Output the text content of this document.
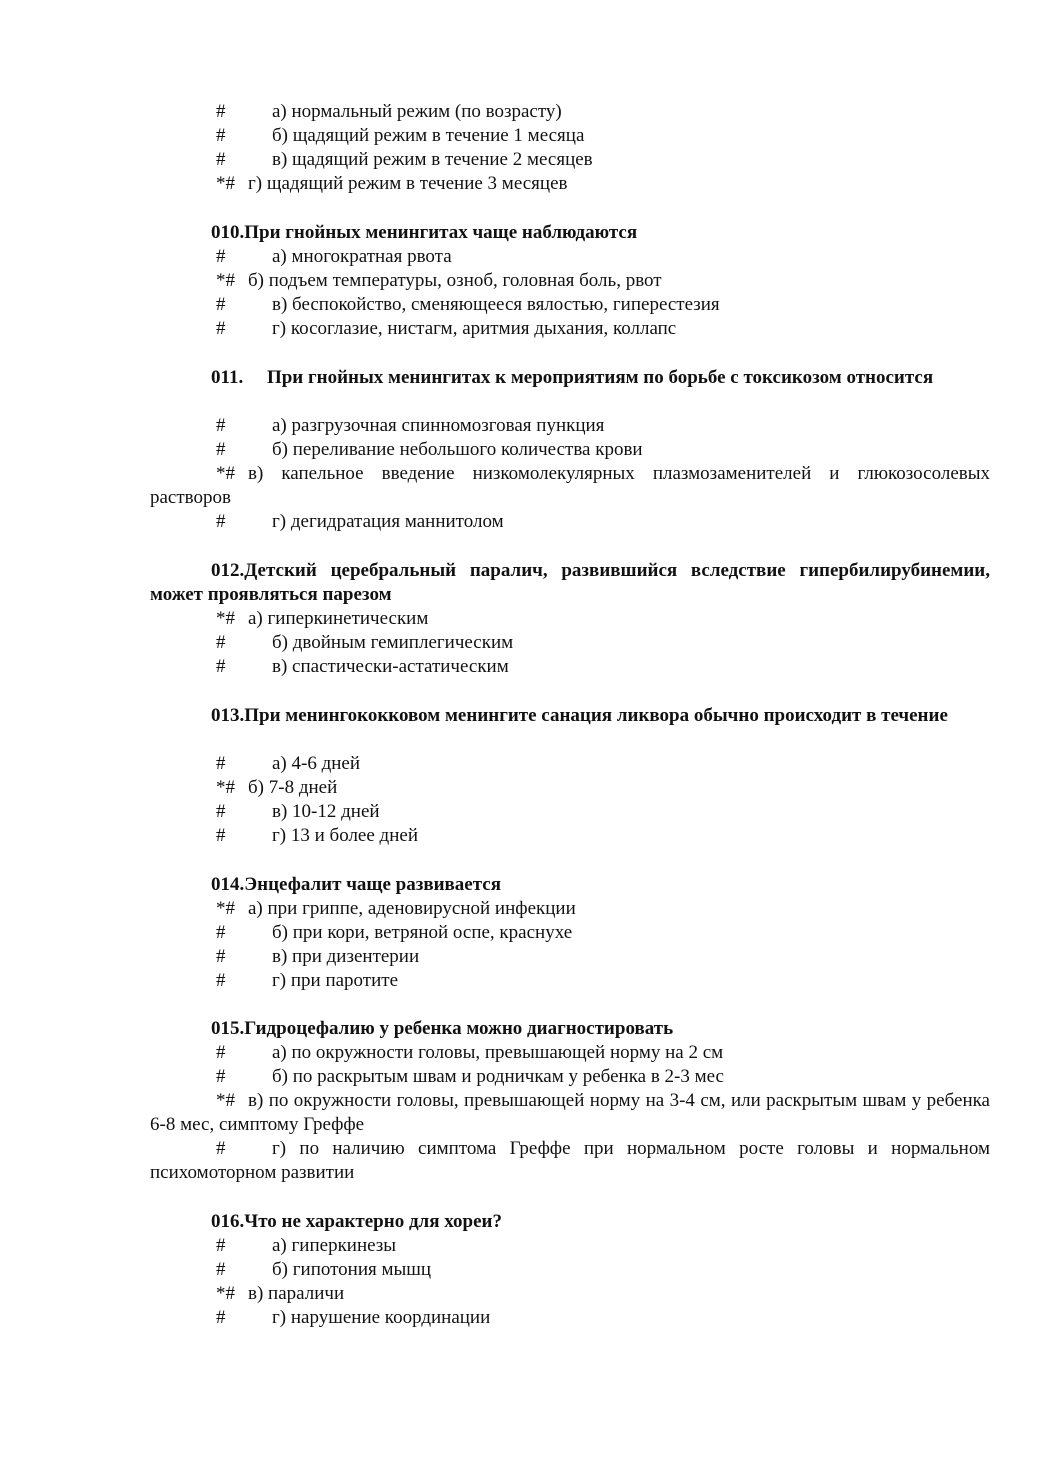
#	а) нормальный режим (по возрасту)
#	б) щадящий режим в течение 1 месяца
#	в) щадящий режим в течение 2 месяцев
*# г) щадящий режим в течение 3 месяцев
010.При гнойных менингитах чаще наблюдаются
#	а) многократная рвота
*# б) подъем температуры, озноб, головная боль, рвот
#	в) беспокойство, сменяющееся вялостью, гиперестезия
#	г) косоглазие, нистагм, аритмия дыхания, коллапс
011. При гнойных менингитах к мероприятиям по борьбе с токсикозом относится
#	а) разгрузочная спинномозговая пункция
#	б) переливание небольшого количества крови
*# в) капельное введение низкомолекулярных плазмозаменителей и глюкозосолевых растворов
#	г) дегидратация маннитолом
012.Детский церебральный паралич, развившийся вследствие гипербилирубинемии, может проявляться парезом
*# а) гиперкинетическим
#	б) двойным гемиплегическим
#	в) спастически-астатическим
013.При менингококковом менингите санация ликвора обычно происходит в течение
#	а) 4-6 дней
*# б) 7-8 дней
#	в) 10-12 дней
#	г) 13 и более дней
014.Энцефалит чаще развивается
*# а) при гриппе, аденовирусной инфекции
#	б) при кори, ветряной оспе, краснухе
#	в) при дизентерии
#	г) при паротите
015.Гидроцефалию у ребенка можно диагностировать
#	а) по окружности головы, превышающей норму на 2 см
#	б) по раскрытым швам и родничкам у ребенка в 2-3 мес
*# в) по окружности головы, превышающей норму на 3-4 см, или раскрытым швам у ребенка 6-8 мес, симптому Греффе
#	г) по наличию симптома Греффе при нормальном росте головы и нормальном психомоторном развитии
016.Что не характерно для хореи?
#	а) гиперкинезы
#	б) гипотония мышц
*# в) параличи
#	г) нарушение координации
